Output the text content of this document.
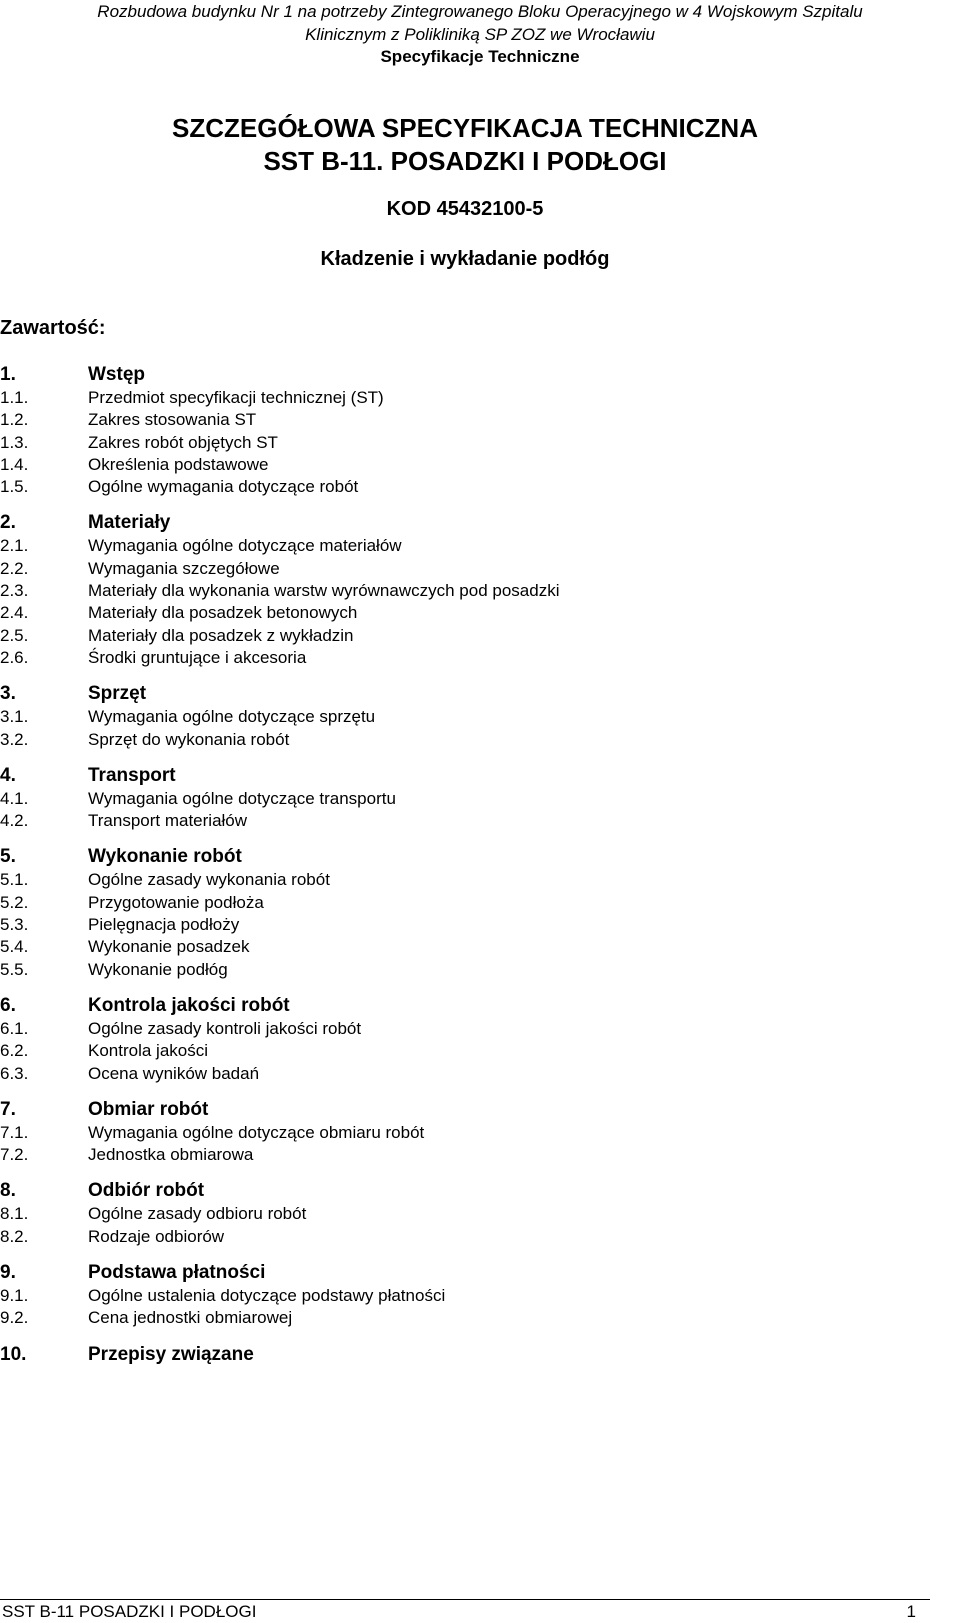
Rozbudowa budynku Nr 1 na potrzeby Zintegrowanego Bloku Operacyjnego w 4 Wojskowym Szpitalu
Klinicznym z Polikliniką SP ZOZ we Wrocławiu
Specyfikacje Techniczne
SZCZEGÓŁOWA SPECYFIKACJA TECHNICZNA
SST B-11. POSADZKI I PODŁOGI
KOD 45432100-5
Kładzenie i wykładanie podłóg
Zawartość:
1.	Wstęp
1.1.	Przedmiot specyfikacji technicznej (ST)
1.2.	Zakres stosowania ST
1.3.	Zakres robót objętych ST
1.4.	Określenia podstawowe
1.5.	Ogólne wymagania dotyczące robót
2.	Materiały
2.1.	Wymagania ogólne dotyczące materiałów
2.2.	Wymagania szczegółowe
2.3.	Materiały dla wykonania warstw wyrównawczych pod posadzki
2.4.	Materiały dla posadzek betonowych
2.5.	Materiały dla posadzek z wykładzin
2.6.	Środki gruntujące i akcesoria
3.	Sprzęt
3.1.	Wymagania ogólne dotyczące sprzętu
3.2.	Sprzęt do wykonania robót
4.	Transport
4.1.	Wymagania ogólne dotyczące transportu
4.2.	Transport materiałów
5.	Wykonanie robót
5.1.	Ogólne zasady wykonania robót
5.2.	Przygotowanie podłoża
5.3.	Pielęgnacja podłoży
5.4.	Wykonanie posadzek
5.5.	Wykonanie podłóg
6.	Kontrola jakości robót
6.1.	Ogólne zasady kontroli jakości robót
6.2.	Kontrola jakości
6.3.	Ocena wyników badań
7.	Obmiar robót
7.1.	Wymagania ogólne dotyczące obmiaru robót
7.2.	Jednostka obmiarowa
8.	Odbiór robót
8.1.	Ogólne zasady odbioru robót
8.2.	Rodzaje odbiorów
9.	Podstawa płatności
9.1.	Ogólne ustalenia dotyczące podstawy płatności
9.2.	Cena jednostki obmiarowej
10.	Przepisy związane
SST B-11 POSADZKI I PODŁOGI	1
